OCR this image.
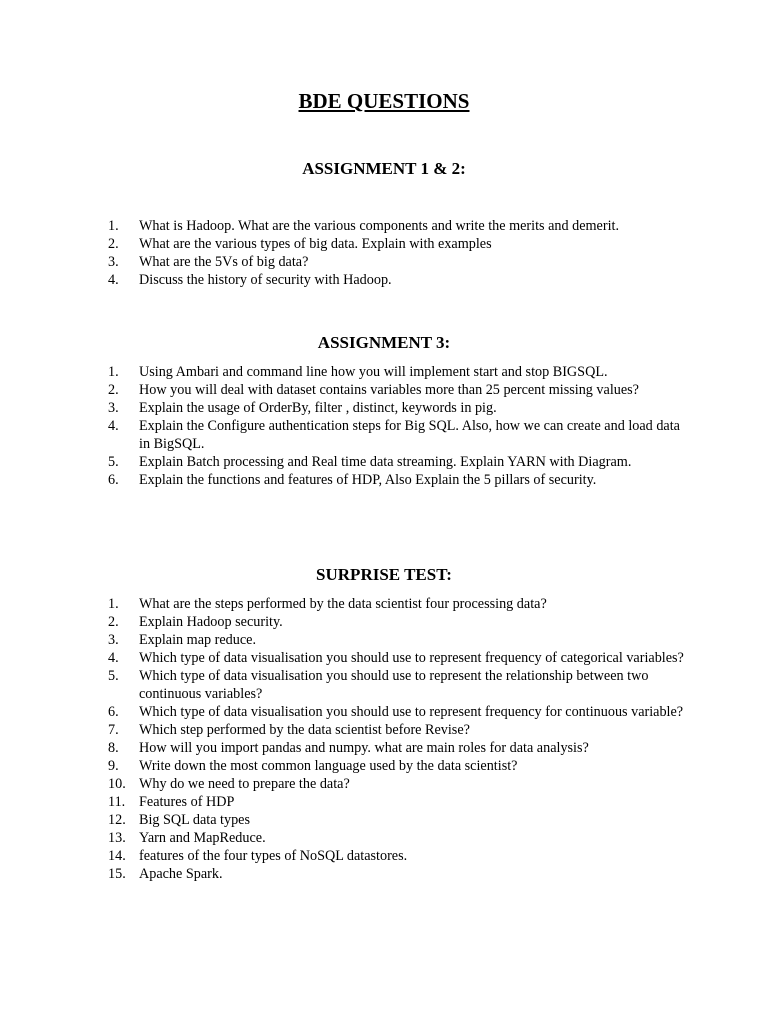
BDE QUESTIONS
ASSIGNMENT 1 & 2:
1.	What is Hadoop. What are the various components and write the merits and demerit.
2.	What are the various types of big data. Explain with examples
3.	What are the 5Vs of big data?
4.	Discuss the history of security with Hadoop.
ASSIGNMENT 3:
1.	Using Ambari and command line how you will implement start and stop BIGSQL.
2.	How you will deal with dataset contains variables more than 25 percent missing values?
3.	Explain the usage of OrderBy, filter , distinct, keywords in pig.
4.	Explain the Configure authentication steps for Big SQL. Also, how we can create and load data in BigSQL.
5.	Explain Batch processing and Real time data streaming. Explain YARN with Diagram.
6.	Explain the functions and features of HDP, Also Explain the 5 pillars of security.
SURPRISE TEST:
1.	What are the steps performed by the data scientist four processing data?
2.	Explain Hadoop security.
3.	Explain map reduce.
4.	Which type of data visualisation you should use to represent frequency of categorical variables?
5.	Which type of data visualisation you should use to represent the relationship between two continuous variables?
6.	Which type of data visualisation you should use to represent frequency for continuous variable?
7.	Which step performed by the data scientist before Revise?
8.	How will you import pandas and numpy. what are main roles for data analysis?
9.	Write down the most common language used by the data scientist?
10. Why do we need to prepare the data?
11. Features of HDP
12. Big SQL data types
13. Yarn and MapReduce.
14. features of the four types of NoSQL datastores.
15. Apache Spark.
